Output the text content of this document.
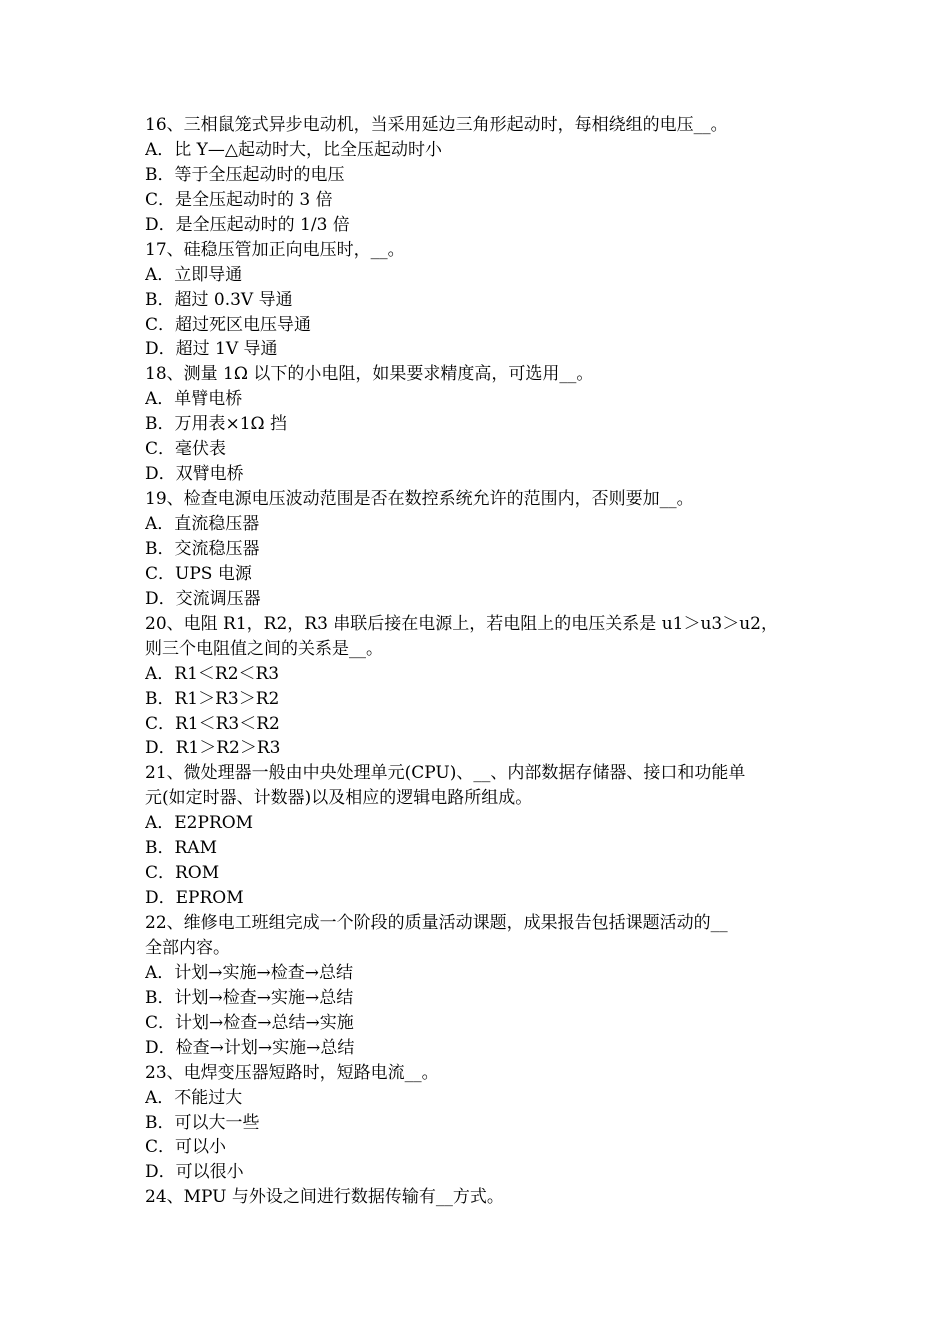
16、三相鼠笼式异步电动机，当采用延边三角形起动时，每相绕组的电压__。
A．比 Y—△起动时大，比全压起动时小
B．等于全压起动时的电压
C．是全压起动时的 3 倍
D．是全压起动时的 1/3 倍
17、硅稳压管加正向电压时，__。
A．立即导通
B．超过 0.3V 导通
C．超过死区电压导通
D．超过 1V 导通
18、测量 1Ω 以下的小电阻，如果要求精度高，可选用__。
A．单臂电桥
B．万用表×1Ω 挡
C．毫伏表
D．双臂电桥
19、检查电源电压波动范围是否在数控系统允许的范围内，否则要加__。
A．直流稳压器
B．交流稳压器
C．UPS 电源
D．交流调压器
20、电阻 R1，R2，R3 串联后接在电源上，若电阻上的电压关系是 u1＞u3＞u2，
则三个电阻值之间的关系是__。
A．R1＜R2＜R3
B．R1＞R3＞R2
C．R1＜R3＜R2
D．R1＞R2＞R3
21、微处理器一般由中央处理单元(CPU)、__、内部数据存储器、接口和功能单
元(如定时器、计数器)以及相应的逻辑电路所组成。
A．E2PROM
B．RAM
C．ROM
D．EPROM
22、维修电工班组完成一个阶段的质量活动课题，成果报告包括课题活动的__
全部内容。
A．计划→实施→检查→总结
B．计划→检查→实施→总结
C．计划→检查→总结→实施
D．检查→计划→实施→总结
23、电焊变压器短路时，短路电流__。
A．不能过大
B．可以大一些
C．可以小
D．可以很小
24、MPU 与外设之间进行数据传输有__方式。
